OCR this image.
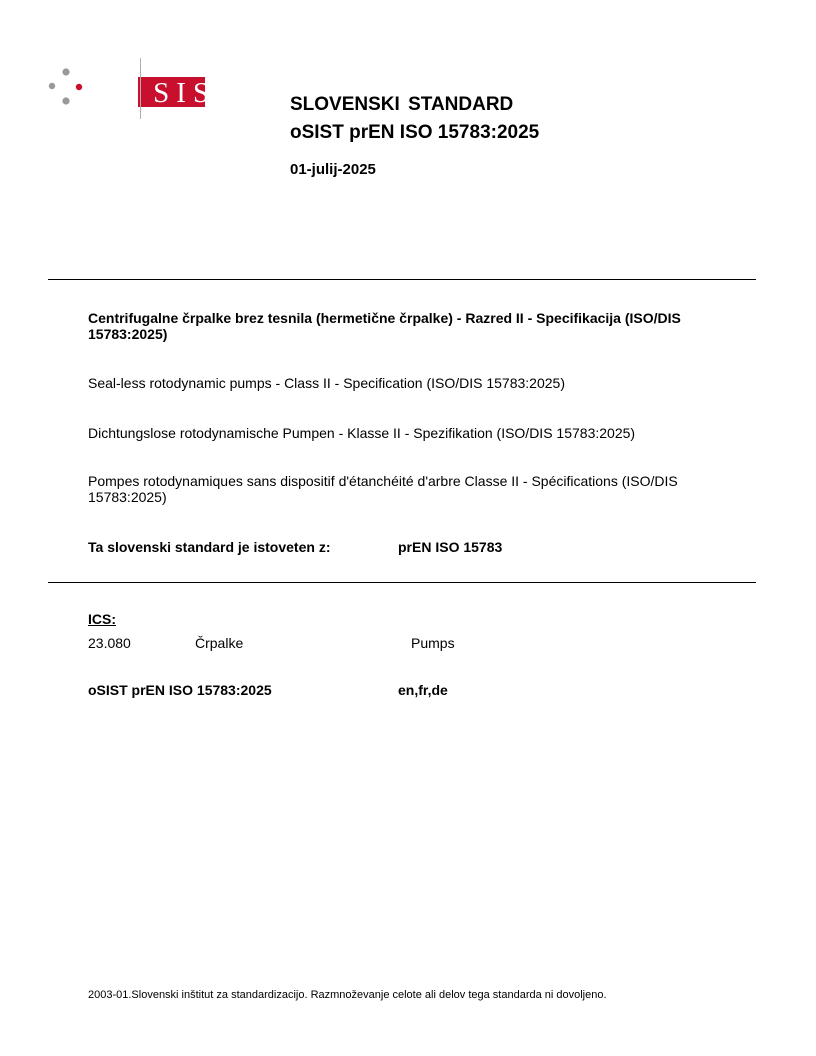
SIST	SLOVENSKI STANDARD
oSIST prEN ISO 15783:2025
01-julij-2025
Centrifugalne črpalke brez tesnila (hermetične črpalke) - Razred II - Specifikacija (ISO/DIS 15783:2025)
Seal-less rotodynamic pumps - Class II - Specification (ISO/DIS 15783:2025)
Dichtungslose rotodynamische Pumpen - Klasse II - Spezifikation (ISO/DIS 15783:2025)
Pompes rotodynamiques sans dispositif d'étanchéité d'arbre Classe II - Spécifications (ISO/DIS 15783:2025)
Ta slovenski standard je istoveten z:	prEN ISO 15783
ICS:
23.080	Črpalke	Pumps
oSIST prEN ISO 15783:2025	en,fr,de
2003-01.Slovenski inštitut za standardizacijo. Razmnoževanje celote ali delov tega standarda ni dovoljeno.
